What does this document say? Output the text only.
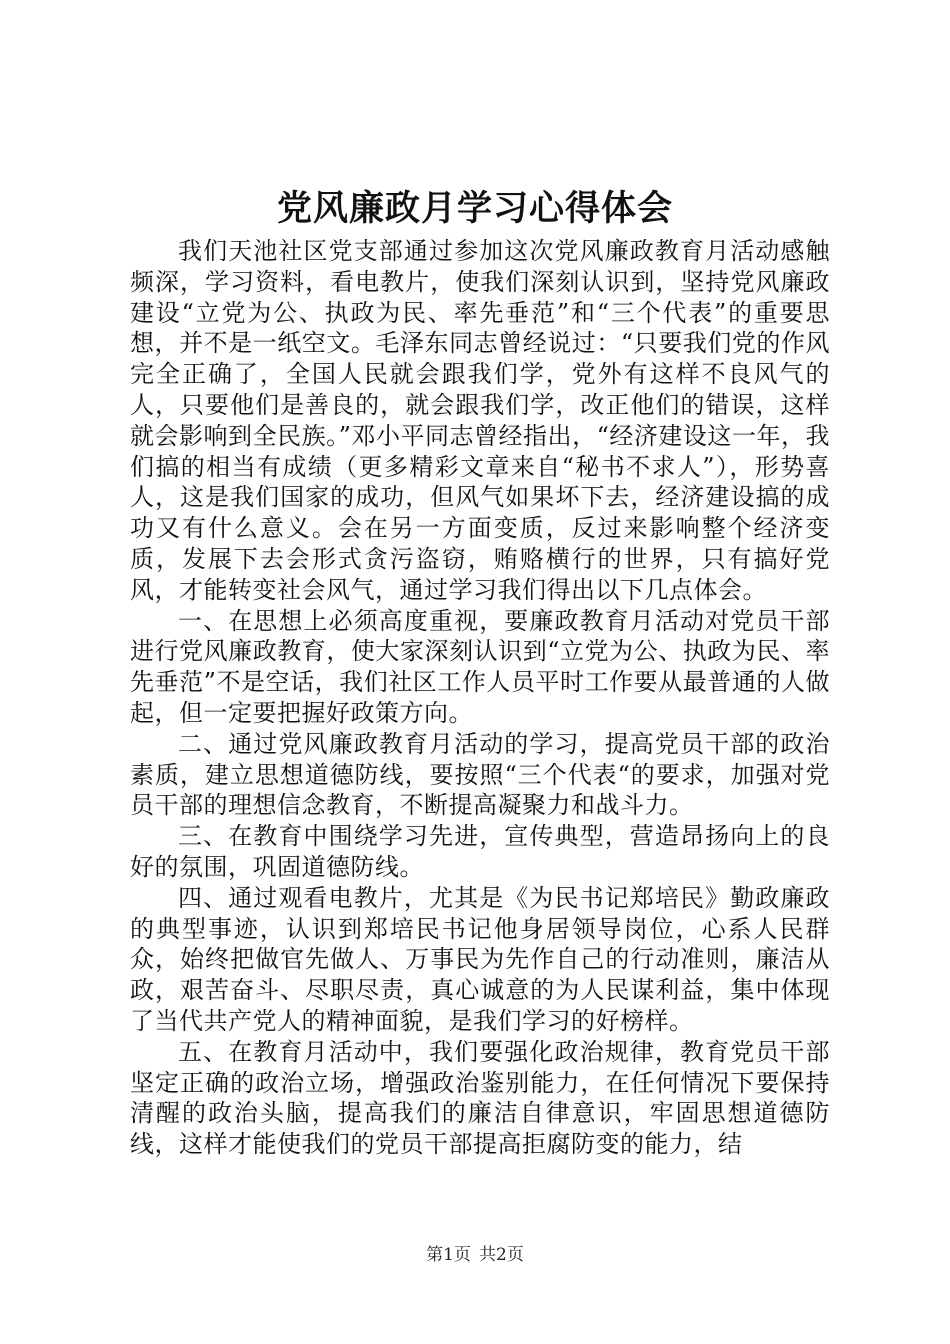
党风廉政月学习心得体会

我们天池社区党支部通过参加这次党风廉政教育月活动感触频深，学习资料，看电教片，使我们深刻认识到，坚持党风廉政建设“立党为公、执政为民、率先垂范”和“三个代表”的重要思想，并不是一纸空文。毛泽东同志曾经说过：“只要我们党的作风完全正确了，全国人民就会跟我们学，党外有这样不良风气的人，只要他们是善良的，就会跟我们学，改正他们的错误，这样就会影响到全民族。”邓小平同志曾经指出，“经济建设这一年，我们搞的相当有成绩（更多精彩文章来自“秘书不求人”），形势喜人，这是我们国家的成功，但风气如果坏下去，经济建设搞的成功又有什么意义。会在另一方面变质，反过来影响整个经济变质，发展下去会形式贪污盗窃，贿赂横行的世界，只有搞好党风，才能转变社会风气，通过学习我们得出以下几点体会。

一、在思想上必须高度重视，要廉政教育月活动对党员干部进行党风廉政教育，使大家深刻认识到“立党为公、执政为民、率先垂范”不是空话，我们社区工作人员平时工作要从最普通的人做起，但一定要把握好政策方向。

二、通过党风廉政教育月活动的学习，提高党员干部的政治素质，建立思想道德防线，要按照“三个代表“的要求，加强对党员干部的理想信念教育，不断提高凝聚力和战斗力。

三、在教育中围绕学习先进，宣传典型，营造昂扬向上的良好的氛围，巩固道德防线。

四、通过观看电教片，尤其是《为民书记郑培民》勤政廉政的典型事迹，认识到郑培民书记他身居领导岗位，心系人民群众，始终把做官先做人、万事民为先作自己的行动准则，廉洁从政，艰苦奋斗、尽职尽责，真心诚意的为人民谋利益，集中体现了当代共产党人的精神面貌，是我们学习的好榜样。

五、在教育月活动中，我们要强化政治规律，教育党员干部坚定正确的政治立场，增强政治鉴别能力，在任何情况下要保持清醒的政治头脑，提高我们的廉洁自律意识，牢固思想道德防线，这样才能使我们的党员干部提高拒腐防变的能力，结

第1页 共2页
